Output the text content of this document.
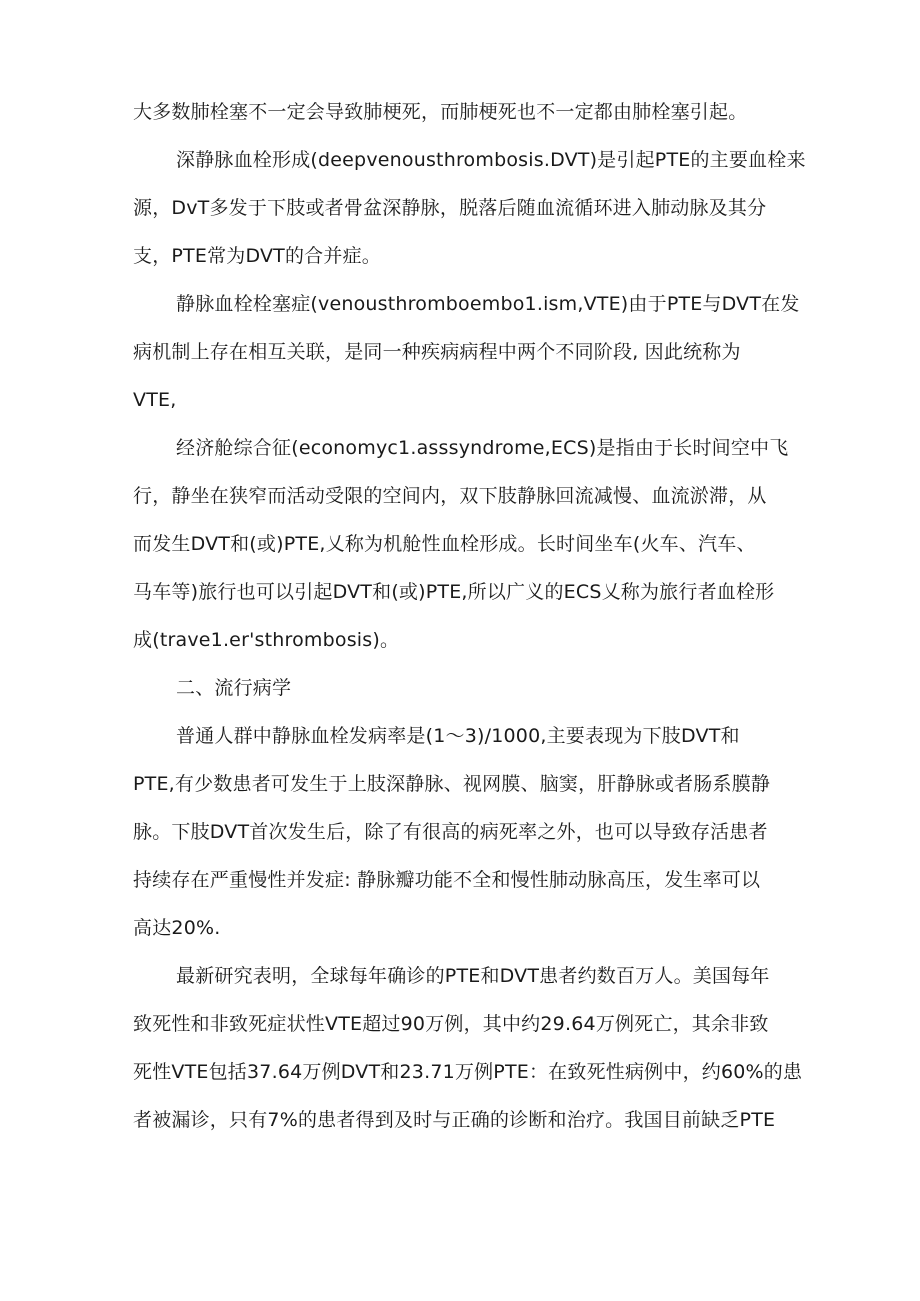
大多数肺栓塞不一定会导致肺梗死，而肺梗死也不一定都由肺栓塞引起。
深静脉血栓形成(deepvenousthrombosis.DVT)是引起PTE的主要血栓来
源，DvT多发于下肢或者骨盆深静脉，脱落后随血流循环进入肺动脉及其分
支，PTE常为DVT的合并症。
静脉血栓栓塞症(venousthromboembo1.ism,VTE)由于PTE与DVT在发
病机制上存在相互关联，是同一种疾病病程中两个不同阶段, 因此统称为
VTE,
经济舱综合征(economyc1.asssyndrome,ECS)是指由于长时间空中飞
行，静坐在狭窄而活动受限的空间内，双下肢静脉回流减慢、血流淤滞，从
而发生DVT和(或)PTE,乂称为机舱性血栓形成。长时间坐车(火车、汽车、
马车等)旅行也可以引起DVT和(或)PTE,所以广义的ECS乂称为旅行者血栓形
成(trave1.er'sthrombosis)。
二、流行病学
普通人群中静脉血栓发病率是(1〜3)/1000,主要表现为下肢DVT和
PTE,有少数患者可发生于上肢深静脉、视网膜、脑窦，肝静脉或者肠系膜静
脉。下肢DVT首次发生后，除了有很高的病死率之外，也可以导致存活患者
持续存在严重慢性并发症: 静脉瓣功能不全和慢性肺动脉高压，发生率可以
高达20%.
最新研究表明，全球每年确诊的PTE和DVT患者约数百万人。美国每年
致死性和非致死症状性VTE超过90万例，其中约29.64万例死亡，其余非致
死性VTE包括37.64万例DVT和23.71万例PTE：在致死性病例中，约60%的患
者被漏诊，只有7%的患者得到及时与正确的诊断和治疗。我国目前缺乏PTE
